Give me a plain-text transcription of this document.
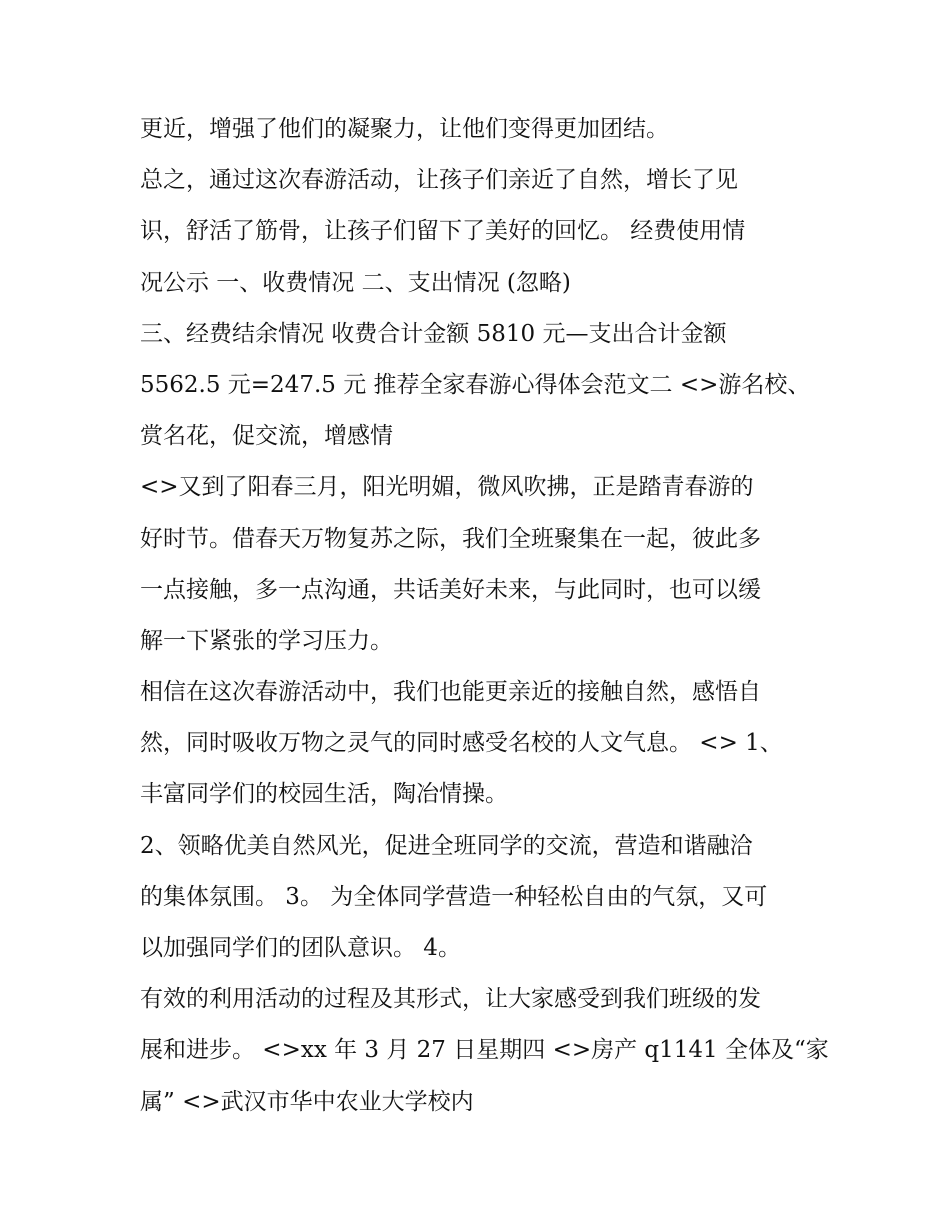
更近，增强了他们的凝聚力，让他们变得更加团结。
总之，通过这次春游活动，让孩子们亲近了自然，增长了见
识，舒活了筋骨，让孩子们留下了美好的回忆。 经费使用情
况公示 一、收费情况 二、支出情况 (忽略)
三、经费结余情况 收费合计金额 5810 元—支出合计金额
5562.5 元=247.5 元 推荐全家春游心得体会范文二 <>游名校、
赏名花，促交流，增感情
<>又到了阳春三月，阳光明媚，微风吹拂，正是踏青春游的
好时节。借春天万物复苏之际，我们全班聚集在一起，彼此多
一点接触，多一点沟通，共话美好未来，与此同时，也可以缓
解一下紧张的学习压力。
相信在这次春游活动中，我们也能更亲近的接触自然，感悟自
然，同时吸收万物之灵气的同时感受名校的人文气息。 <> 1、
丰富同学们的校园生活，陶冶情操。
2、领略优美自然风光，促进全班同学的交流，营造和谐融洽
的集体氛围。 3。 为全体同学营造一种轻松自由的气氛，又可
以加强同学们的团队意识。 4。
有效的利用活动的过程及其形式，让大家感受到我们班级的发
展和进步。 <>xx 年 3 月 27 日星期四 <>房产 q1141 全体及“家
属” <>武汉市华中农业大学校内
